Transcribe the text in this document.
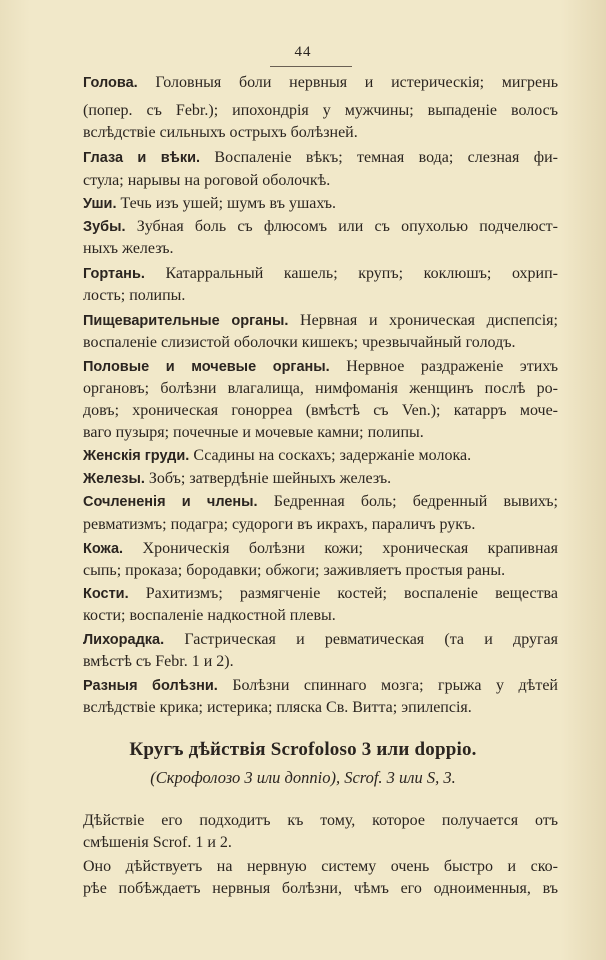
44
Голова. Головныя боли нервныя и истерическія; мигрень
(попер. съ Febr.); ипохондрія у мужчины; выпаденіе волосъ
вслѣдствіе сильныхъ острыхъ болѣзней.
Глаза и вѣки. Воспаленіе вѣкъ; темная вода; слезная фи-
стула; нарывы на роговой оболочкѣ.
Уши. Течь изъ ушей; шумъ въ ушахъ.
Зубы. Зубная боль съ флюсомъ или съ опухолью подчелюст-
ныхъ железъ.
Гортань. Катарральный кашель; крупъ; коклюшъ; охрип-
лость; полипы.
Пищеварительные органы. Нервная и хроническая диспепсія;
воспаленіе слизистой оболочки кишекъ; чрезвычайный голодъ.
Половые и мочевые органы. Нервное раздраженіе этихъ
органовъ; болѣзни влагалища, нимфоманія женщинъ послѣ ро-
довъ; хроническая гонорреа (вмѣстѣ съ Ven.); катарръ моче-
ваго пузыря; почечные и мочевые камни; полипы.
Женскія груди. Ссадины на соскахъ; задержаніе молока.
Железы. Зобъ; затвердѣніе шейныхъ железъ.
Сочлененія и члены. Бедренная боль; бедренный вывихъ;
ревматизмъ; подагра; судороги въ икрахъ, параличъ рукъ.
Кожа. Хроническія болѣзни кожи; хроническая крапивная
сыпь; проказа; бородавки; обжоги; заживляетъ простыя раны.
Кости. Рахитизмъ; размягченіе костей; воспаленіе вещества
кости; воспаленіе надкостной плевы.
Лихорадка. Гастрическая и ревматическая (та и другая
вмѣстѣ съ Febr. 1 и 2).
Разныя болѣзни. Болѣзни спиннаго мозга; грыжа у дѣтей
вслѣдствіе крика; истерика; пляска Св. Витта; эпилепсія.
Кругъ дѣйствія Scrofoloso 3 или doppio.
(Скрофолозо 3 или доппіо), Scrof. 3 или S, 3.
Дѣйствіе его подходитъ къ тому, которое получается отъ
смѣшенія Scrof. 1 и 2.
Оно дѣйствуетъ на нервную систему очень быстро и ско-
рѣе побѣждаетъ нервныя болѣзни, чѣмъ его одноименныя, въ
